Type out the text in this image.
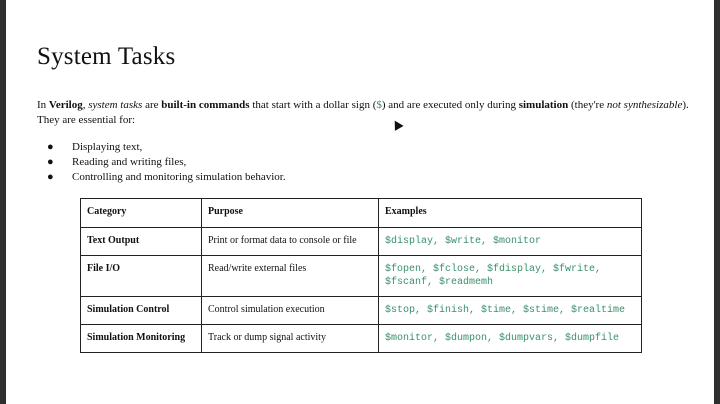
System Tasks

In Verilog, system tasks are built-in commands that start with a dollar sign ($) and are executed only during simulation (they're not synthesizable). They are essential for:

● Displaying text,
● Reading and writing files,
● Controlling and monitoring simulation behavior.
Category	Purpose	Examples
Text Output	Print or format data to console or file	$display, $write, $monitor
File I/O	Read/write external files	$fopen, $fclose, $fdisplay, $fwrite, $fscanf, $readmemh
Simulation Control	Control simulation execution	$stop, $finish, $time, $stime, $realtime
Simulation Monitoring	Track or dump signal activity	$monitor, $dumpon, $dumpvars, $dumpfile
